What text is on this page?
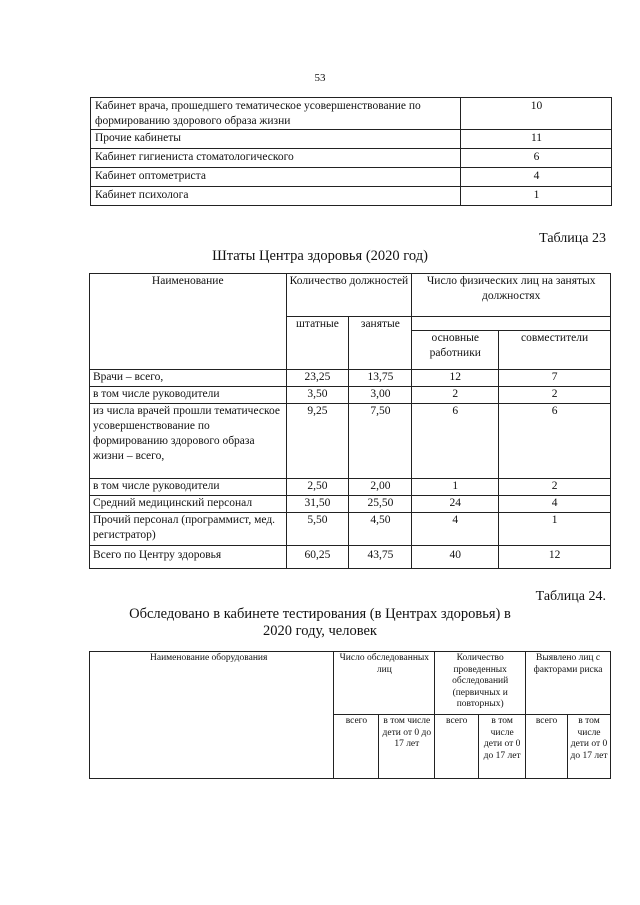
53
Кабинет врача, прошедшего тематическое усовершенствование по формированию здорового образа жизни	10
Прочие кабинеты	11
Кабинет гигиениста стоматологического	6
Кабинет оптометриста	4
Кабинет психолога	1
Таблица 23
Штаты Центра здоровья (2020 год)
Наименование	Количество должностей		Число физических лиц на занятых должностях	
	штатные	занятые		
			основные работники	совместители
Врачи – всего,	23,25	13,75	12	7
в том числе руководители	3,50	3,00	2	2
из числа врачей прошли тематическое усовершенствование по формированию здорового образа жизни – всего,	9,25	7,50	6	6
в том числе руководители	2,50	2,00	1	2
Средний медицинский персонал	31,50	25,50	24	4
Прочий персонал (программист, мед. регистратор)	5,50	4,50	4	1
Всего по Центру здоровья	60,25	43,75	40	12
Таблица 24.
Обследовано в кабинете тестирования (в Центрах здоровья) в
2020 году, человек
Наименование оборудования	Число обследованных лиц		Количество проведенных обследований (первичных и повторных)		Выявлено лиц с факторами риска	
	всего	в том числе дети от 0 до 17 лет	всего	в том числе дети от 0 до 17 лет	всего	в том числе дети от 0 до 17 лет
